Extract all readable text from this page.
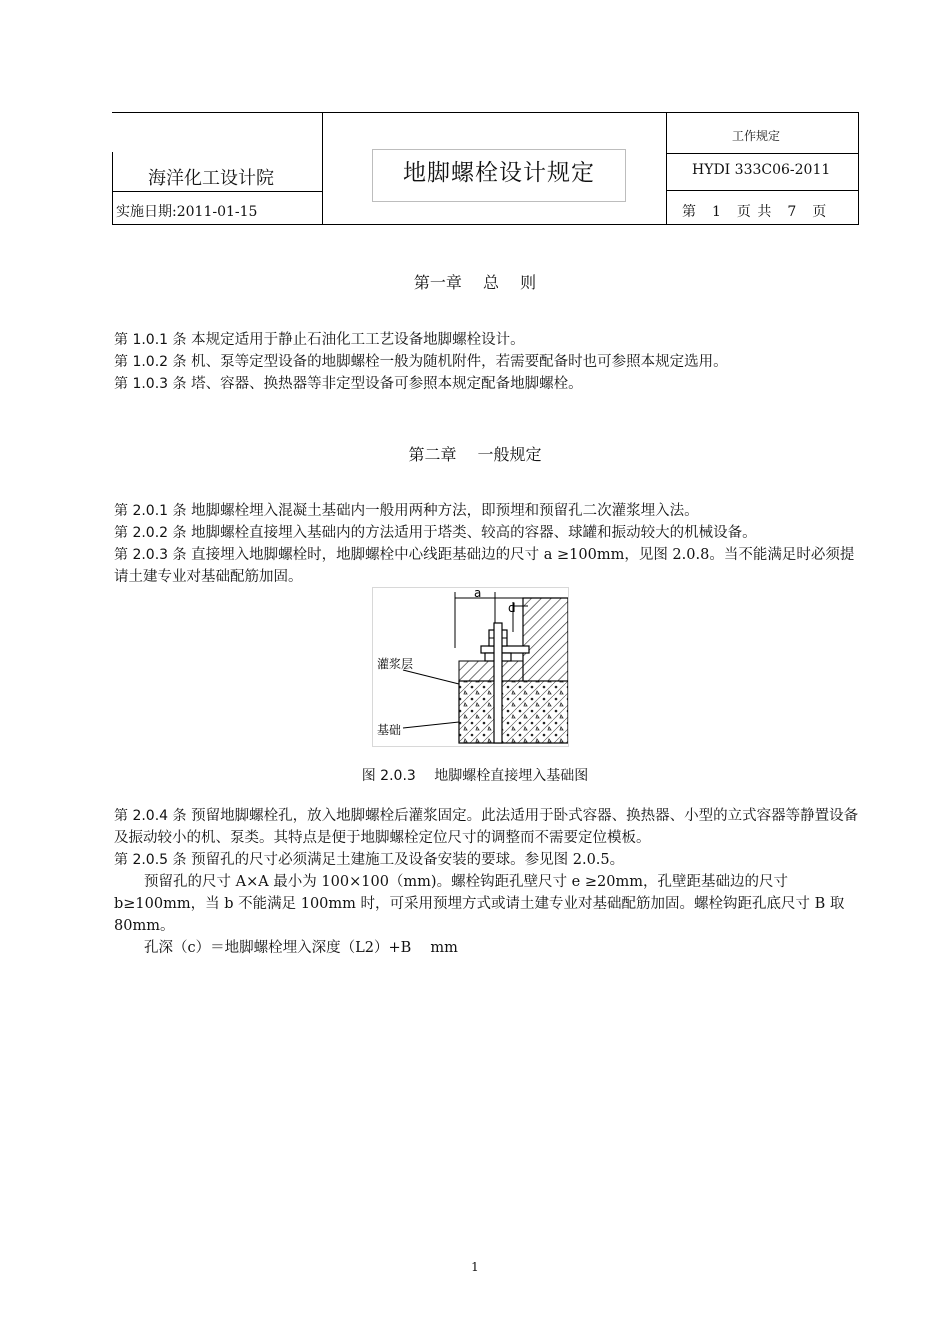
海洋化工设计院
实施日期:2011-01-15
地脚螺栓设计规定
工作规定
HYDI 333C06-2011
第　1　页 共　7　页
第一章　 总　 则
第 1.0.1 条 本规定适用于静止石油化工工艺设备地脚螺栓设计。
第 1.0.2 条 机、泵等定型设备的地脚螺栓一般为随机附件，若需要配备时也可参照本规定选用。
第 1.0.3 条 塔、容器、换热器等非定型设备可参照本规定配备地脚螺栓。
第二章　 一般规定
第 2.0.1 条 地脚螺栓埋入混凝土基础内一般用两种方法，即预埋和预留孔二次灌浆埋入法。
第 2.0.2 条 地脚螺栓直接埋入基础内的方法适用于塔类、较高的容器、球罐和振动较大的机械设备。
第 2.0.3 条 直接埋入地脚螺栓时，地脚螺栓中心线距基础边的尺寸 a ≥100mm，见图 2.0.8。当不能满足时必须提请土建专业对基础配筋加固。
a
d
灌浆层
基础
图 2.0.3　 地脚螺栓直接埋入基础图
第 2.0.4 条 预留地脚螺栓孔，放入地脚螺栓后灌浆固定。此法适用于卧式容器、换热器、小型的立式容器等静置设备及振动较小的机、泵类。其特点是便于地脚螺栓定位尺寸的调整而不需要定位模板。
第 2.0.5 条 预留孔的尺寸必须满足土建施工及设备安装的要球。参见图 2.0.5。
预留孔的尺寸 A×A 最小为 100×100（mm)。螺栓钩距孔壁尺寸 e ≥20mm，孔壁距基础边的尺寸 b≥100mm，当 b 不能满足 100mm 时，可采用预埋方式或请土建专业对基础配筋加固。螺栓钩距孔底尺寸 B 取 80mm。
孔深（c）＝地脚螺栓埋入深度（L2）+B　 mm
1
